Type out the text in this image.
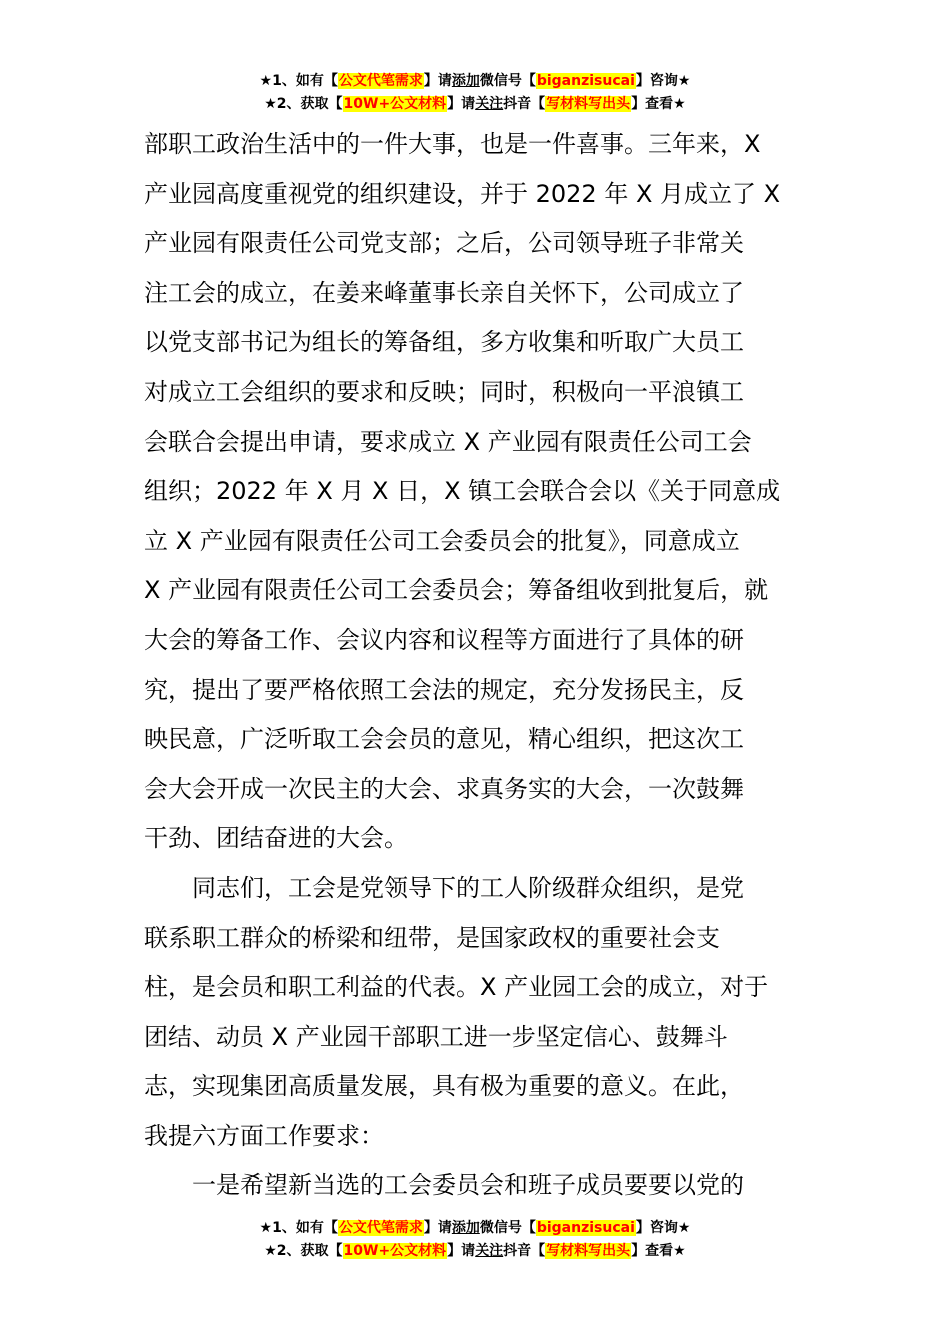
★1、如有【公文代笔需求】请添加微信号【biganzisucai】咨询★
★2、获取【10W+公文材料】请关注抖音【写材料写出头】查看★
部职工政治生活中的一件大事，也是一件喜事。三年来，X
产业园高度重视党的组织建设，并于 2022 年 X 月成立了 X
产业园有限责任公司党支部；之后，公司领导班子非常关
注工会的成立，在姜来峰董事长亲自关怀下，公司成立了
以党支部书记为组长的筹备组，多方收集和听取广大员工
对成立工会组织的要求和反映；同时，积极向一平浪镇工
会联合会提出申请，要求成立 X 产业园有限责任公司工会
组织；2022 年 X 月 X 日，X 镇工会联合会以《关于同意成
立 X 产业园有限责任公司工会委员会的批复》，同意成立
X 产业园有限责任公司工会委员会；筹备组收到批复后，就
大会的筹备工作、会议内容和议程等方面进行了具体的研
究，提出了要严格依照工会法的规定，充分发扬民主，反
映民意，广泛听取工会会员的意见，精心组织，把这次工
会大会开成一次民主的大会、求真务实的大会，一次鼓舞
干劲、团结奋进的大会。
　　同志们，工会是党领导下的工人阶级群众组织，是党
联系职工群众的桥梁和纽带，是国家政权的重要社会支
柱，是会员和职工利益的代表。X 产业园工会的成立，对于
团结、动员 X 产业园干部职工进一步坚定信心、鼓舞斗
志，实现集团高质量发展，具有极为重要的意义。在此，
我提六方面工作要求：
　　一是希望新当选的工会委员会和班子成员要要以党的
★1、如有【公文代笔需求】请添加微信号【biganzisucai】咨询★
★2、获取【10W+公文材料】请关注抖音【写材料写出头】查看★
